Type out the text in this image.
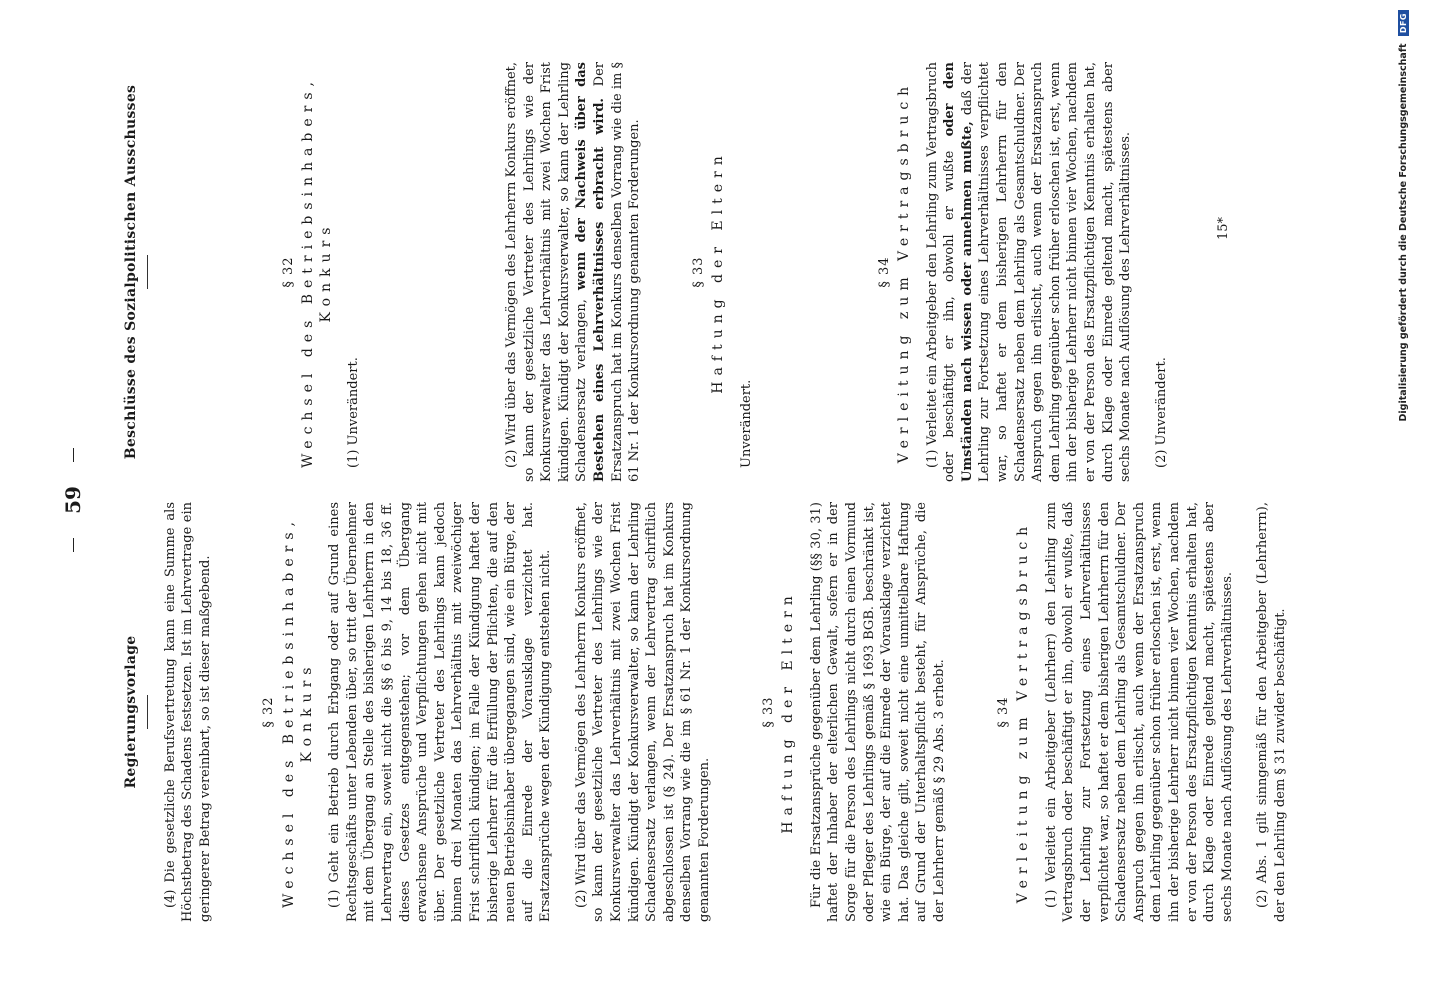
59
Regierungsvorlage (4) Die gesetzliche Berufsvertretung kann eine Summe als Höchstbetrag des Schadens festsetzen. Ist im Lehrvertrage ein geringerer Betrag vereinbart, so ist dieser maßgebend.	§ 32 Wechsel des Betriebsinhabers, Konkurs (1) Geht ein Betrieb durch Erbgang oder auf Grund eines Rechtsgeschäfts unter Lebenden über, so tritt der Übernehmer mit dem Übergang an Stelle des bisherigen Lehrherrn in den Lehrvertrag ein, soweit nicht die §§ 6 bis 9, 14 bis 18, 36 ff. dieses Gesetzes entgegenstehen; vor dem Übergang erwachsene Ansprüche und Verpflichtungen gehen nicht mit über. Der gesetzliche Vertreter des Lehrlings kann jedoch binnen drei Monaten das Lehrverhältnis mit zweiwöchiger Frist schriftlich kündigen; im Falle der Kündigung haftet der bisherige Lehrherr für die Erfüllung der Pflichten, die auf den neuen Betriebsinhaber übergegangen sind, wie ein Bürge, der auf die Einrede der Vorausklage verzichtet hat. Ersatzansprüche wegen der Kündigung entstehen nicht. (2) Wird über das Vermögen des Lehrherrn Konkurs eröffnet, so kann der gesetzliche Vertreter des Lehrlings wie der Konkursverwalter das Lehrverhältnis mit zwei Wochen Frist kündigen. Kündigt der Konkursverwalter, so kann der Lehrling Schadensersatz verlangen, wenn der Lehrvertrag schriftlich abgeschlossen ist (§ 24). Der Ersatzanspruch hat im Konkurs denselben Vorrang wie die im § 61 Nr. 1 der Konkursordnung genannten Forderungen.

§ 33 Haftung der Eltern Für die Ersatzansprüche gegenüber dem Lehrling (§§ 30, 31) haftet der Inhaber der elterlichen Gewalt, sofern er in der Sorge für die Person des Lehrlings nicht durch einen Vormund oder Pfleger des Lehrlings gemäß § 1693 BGB. beschränkt ist, wie ein Bürge, der auf die Einrede der Vorausklage verzichtet hat. Das gleiche gilt, soweit nicht eine unmittelbare Haftung auf Grund der Unterhaltspflicht besteht, für Ansprüche, die der Lehrherr gemäß § 29 Abs. 3 erhebt.	§ 34 Verleitung zum Vertragsbruch (1) Verleitet ein Arbeitgeber (Lehrherr) den Lehrling zum Vertragsbruch oder beschäftigt er ihn, obwohl er wußte, daß der Lehrling zur Fortsetzung eines Lehrverhältnisses verpflichtet war, so haftet er dem bisherigen Lehrherrn für den Schadensersatz neben dem Lehrling als Gesamtschuldner. Der Anspruch gegen ihn erlischt, auch wenn der Ersatzanspruch dem Lehrling gegenüber schon früher erloschen ist, erst, wenn ihn der bisherige Lehrherr nicht binnen vier Wochen, nachdem er von der Person des Ersatzpflichtigen Kenntnis erhalten hat, durch Klage oder Einrede geltend macht, spätestens aber sechs Monate nach Auflösung des Lehrverhältnisses. (2) Abs. 1 gilt sinngemäß für den Arbeitgeber (Lehrherrn), der den Lehrling dem § 31 zuwider beschäftigt.

Beschlüsse des Sozialpolitischen Ausschusses	§ 32 Wechsel des Betriebsinhabers, Konkurs

(1) Unverändert.	(2) Wird über das Vermögen des Lehrherrn Konkurs eröffnet, so kann der gesetzliche Vertreter des Lehrlings wie der Konkursverwalter das Lehrverhältnis mit zwei Wochen Frist kündigen. Kündigt der Konkursverwalter, so kann der Lehrling Schadensersatz verlangen, wenn der Nachweis über das Bestehen eines Lehrverhältnisses erbracht wird. Der Ersatzanspruch hat im Konkurs denselben Vorrang wie die im § 61 Nr. 1 der Konkursordnung genannten Forderungen.	§ 33 Haftung der Eltern

Unverändert.

§ 34 Verleitung zum Vertragsbruch (1) Verleitet ein Arbeitgeber den Lehrling zum Vertragsbruch oder beschäftigt er ihn, obwohl er wußte oder den Umständen nach wissen oder annehmen mußte, daß der Lehrling zur Fortsetzung eines Lehrverhältnisses verpflichtet war, so haftet er dem bisherigen Lehrherrn für den Schadensersatz neben dem Lehrling als Gesamtschuldner. Der Anspruch gegen ihn erlischt, auch wenn der Ersatzanspruch dem Lehrling gegenüber schon früher erloschen ist, erst, wenn ihn der bisherige Lehrherr nicht binnen vier Wochen, nachdem er von der Person des Ersatzpflichtigen Kenntnis erhalten hat, durch Klage oder Einrede geltend macht, spätestens aber sechs Monate nach Auflösung des Lehrverhältnisses. (2) Unverändert.

15*	Digitalisierung gefördert durch die Deutsche Forschungsgemeinschaft DFG
